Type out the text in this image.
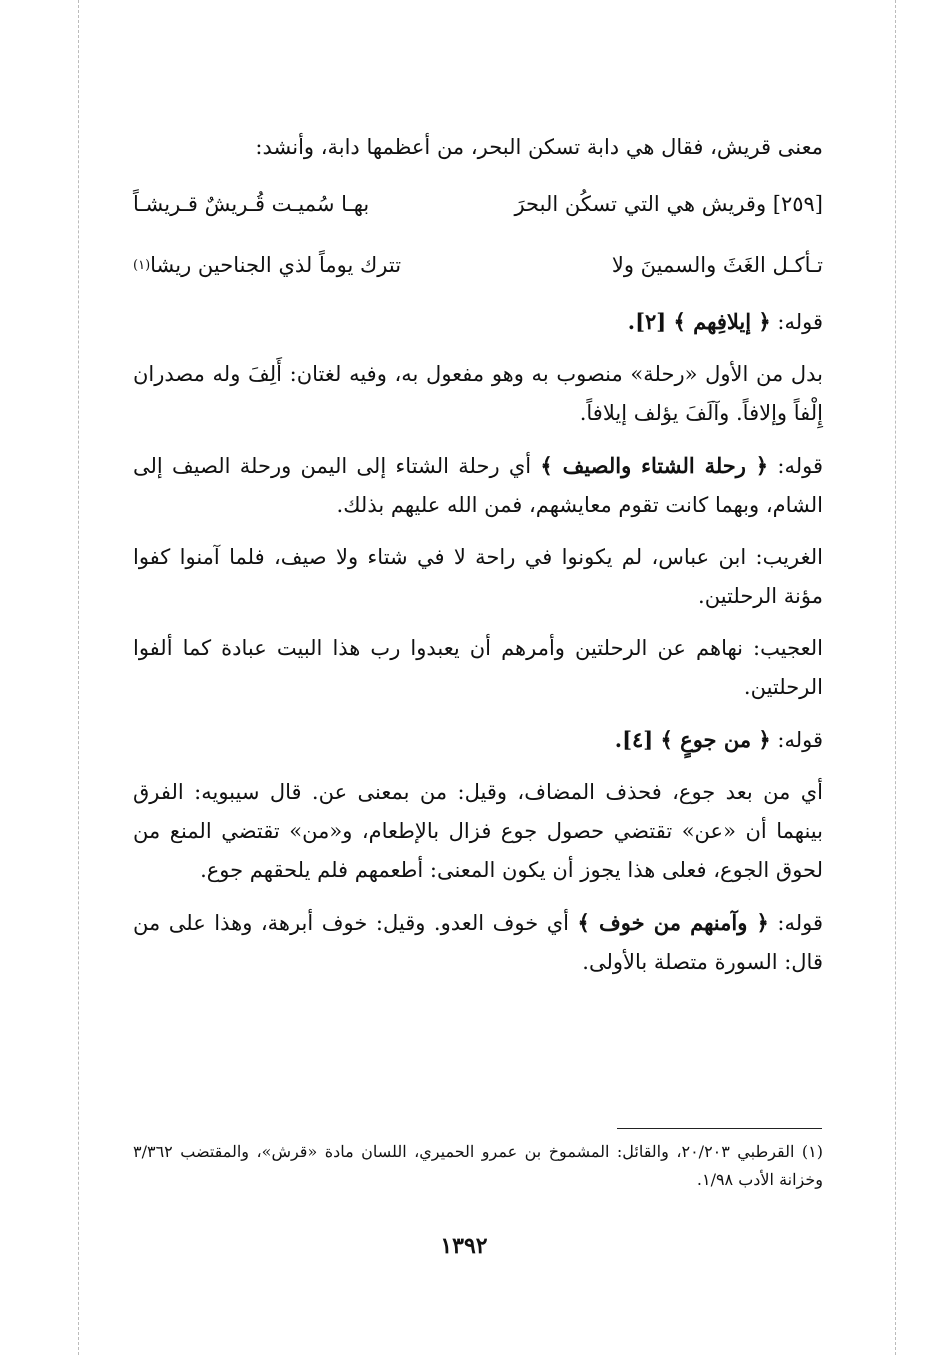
معنى قريش، فقال هي دابة تسكن البحر، من أعظمها دابة، وأنشد:

[٢٥٩] وقريش هي التي تسكُن البحرَ
بهـا سُميـت قُـريشٌ قـريشـاً
تـأكـل الغَثَ والسمينَ ولا
تترك يوماً لذي الجناحين ريشا$^{(١)}$

قوله: ﴿ إيلافِهم ﴾ [٢].

بدل من الأول «رحلة» منصوب به وهو مفعول به، وفيه لغتان: أَلِفَ وله مصدران إِلْفاً وإلافاً. وآلَفَ يؤلف إيلافاً.

قوله: ﴿ رحلة الشتاء والصيف ﴾ أي رحلة الشتاء إلى اليمن ورحلة الصيف إلى الشام، وبهما كانت تقوم معايشهم، فمن الله عليهم بذلك.

الغريب: ابن عباس، لم يكونوا في راحة لا في شتاء ولا صيف، فلما آمنوا كفوا مؤنة الرحلتين.

العجيب: نهاهم عن الرحلتين وأمرهم أن يعبدوا رب هذا البيت عبادة كما ألفوا الرحلتين.

قوله: ﴿ من جوعٍ ﴾ [٤].

أي من بعد جوع، فحذف المضاف، وقيل: من بمعنى عن. قال سيبويه: الفرق بينهما أن «عن» تقتضي حصول جوع فزال بالإطعام، و«من» تقتضي المنع من لحوق الجوع، فعلى هذا يجوز أن يكون المعنى: أطعمهم فلم يلحقهم جوع.

قوله: ﴿ وآمنهم من خوف ﴾ أي خوف العدو. وقيل: خوف أبرهة، وهذا على من قال: السورة متصلة بالأولى.

(١) القرطبي ٢٠/٢٠٣، والقائل: المشموخ بن عمرو الحميري، اللسان مادة «قرش»، والمقتضب ٣/٣٦٢ وخزانة الأدب ١/٩٨.
١٣٩٢
